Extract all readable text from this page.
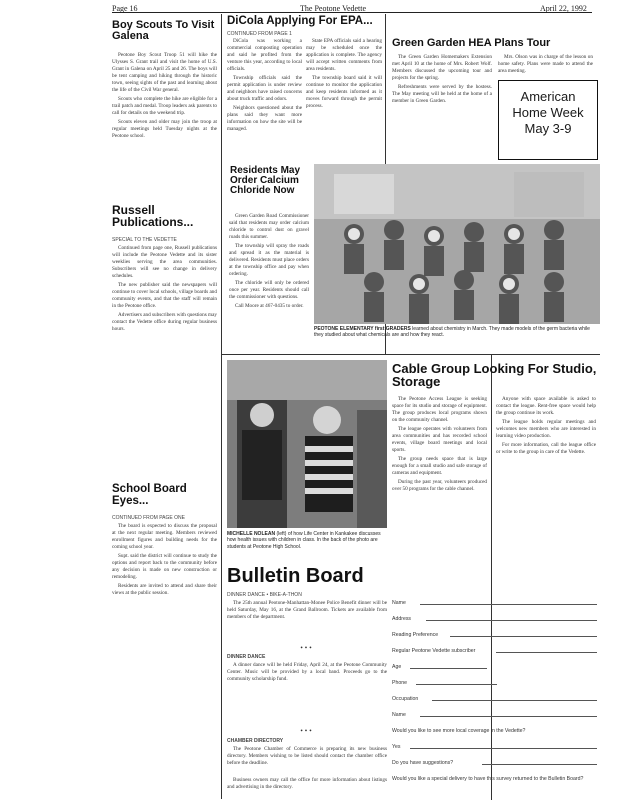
Page 16	The Peotone Vedette	April 22, 1992
Boy Scouts To Visit Galena

Peotone Boy Scout Troop 51 will hike the Ulysses S. Grant trail and visit the home of U.S. Grant in Galena on April 25 and 26. The boys will be tent camping and hiking through the historic town, seeing sights of the past and learning about the life of the Civil War general.

Scouts who complete the hike are eligible for a trail patch and medal. Troop leaders ask parents to call for details on the weekend trip.

Scouts eleven and older may join the troop at regular meetings held Tuesday nights at the Peotone school.

Russell Publications...
SPECIAL TO THE VEDETTE

Continued from page one, Russell publications will include the Peotone Vedette and its sister weeklies serving the area communities. Subscribers will see no change in delivery schedules.

The new publisher said the newspapers will continue to cover local schools, village boards and community events, and that the staff will remain in the Peotone office.

Advertisers and subscribers with questions may contact the Vedette office during regular business hours.

School Board Eyes...
CONTINUED FROM PAGE ONE

The board is expected to discuss the proposal at the next regular meeting. Members reviewed enrollment figures and building needs for the coming school year.

Supt. said the district will continue to study the options and report back to the community before any decision is made on new construction or remodeling.

Residents are invited to attend and share their views at the public session.

DiCola Applying For EPA...
CONTINUED FROM PAGE 1

DiCola was working a commercial composting operation and said he profited from the venture this year, according to local officials.

Township officials said the permit application is under review and neighbors have raised concerns about truck traffic and odors.

Neighbors questioned about the plans said they want more information on how the site will be managed.

State EPA officials said a hearing may be scheduled once the application is complete. The agency will accept written comments from area residents.

The township board said it will continue to monitor the application and keep residents informed as it moves forward through the permit process.

Residents May Order Calcium Chloride Now

Green Garden Road Commissioner said that residents may order calcium chloride to control dust on gravel roads this summer.

The township will spray the roads and spread it as the material is delivered. Residents must place orders at the township office and pay when ordering.

The chloride will only be ordered once per year. Residents should call the commissioner with questions.

Call Moore at 467-0435 to order.

Green Garden HEA Plans Tour

The Green Garden Homemakers Extension met April 10 at the home of Mrs. Robert Wolf. Members discussed the upcoming tour and projects for the spring.

Refreshments were served by the hostess. The May meeting will be held at the home of a member in Green Garden.

Mrs. Olson was in charge of the lesson on home safety. Plans were made to attend the area meeting.

American
Home Week
May 3-9
PEOTONE ELEMENTARY first GRADERS learned about chemistry in March. They made models of the germ bacteria while they studied about what chemicals are and how they react.
MICHELLE NOLEAN (left) of how Life Center in Kankakee discusses how health issues with children in class. In the back of the photo are students at Peotone High School.
Cable Group Looking For Studio, Storage

The Peotone Access League is seeking space for its studio and storage of equipment. The group produces local programs shown on the community channel.

The league operates with volunteers from area communities and has recorded school events, village board meetings and local sports.

The group needs space that is large enough for a small studio and safe storage of cameras and equipment.

During the past year, volunteers produced over 50 programs for the cable channel.

Anyone with space available is asked to contact the league. Rent-free space would help the group continue its work.

The league holds regular meetings and welcomes new members who are interested in learning video production.

For more information, call the league office or write to the group in care of the Vedette.

Bulletin Board
DINNER DANCE • BIKE-A-THON

The 25th annual Peotone-Manhattan-Monee Police Benefit dinner will be held Saturday, May 16, at the Grand Ballroom. Tickets are available from members of the department.

•••
DINNER DANCE

A dinner dance will be held Friday, April 24, at the Peotone Community Center. Music will be provided by a local band. Proceeds go to the community scholarship fund.

•••
CHAMBER DIRECTORY

The Peotone Chamber of Commerce is preparing its new business directory. Members wishing to be listed should contact the chamber office before the deadline.

Business owners may call the office for more information about listings and advertising in the directory.

Name
Address
Reading Preference
Regular Peotone Vedette subscriber
Age
Phone
Occupation
Name
Would you like to see more local coverage in the Vedette?
Yes
Do you have suggestions?
Would you like a special delivery to have this survey returned to the Bulletin Board?
